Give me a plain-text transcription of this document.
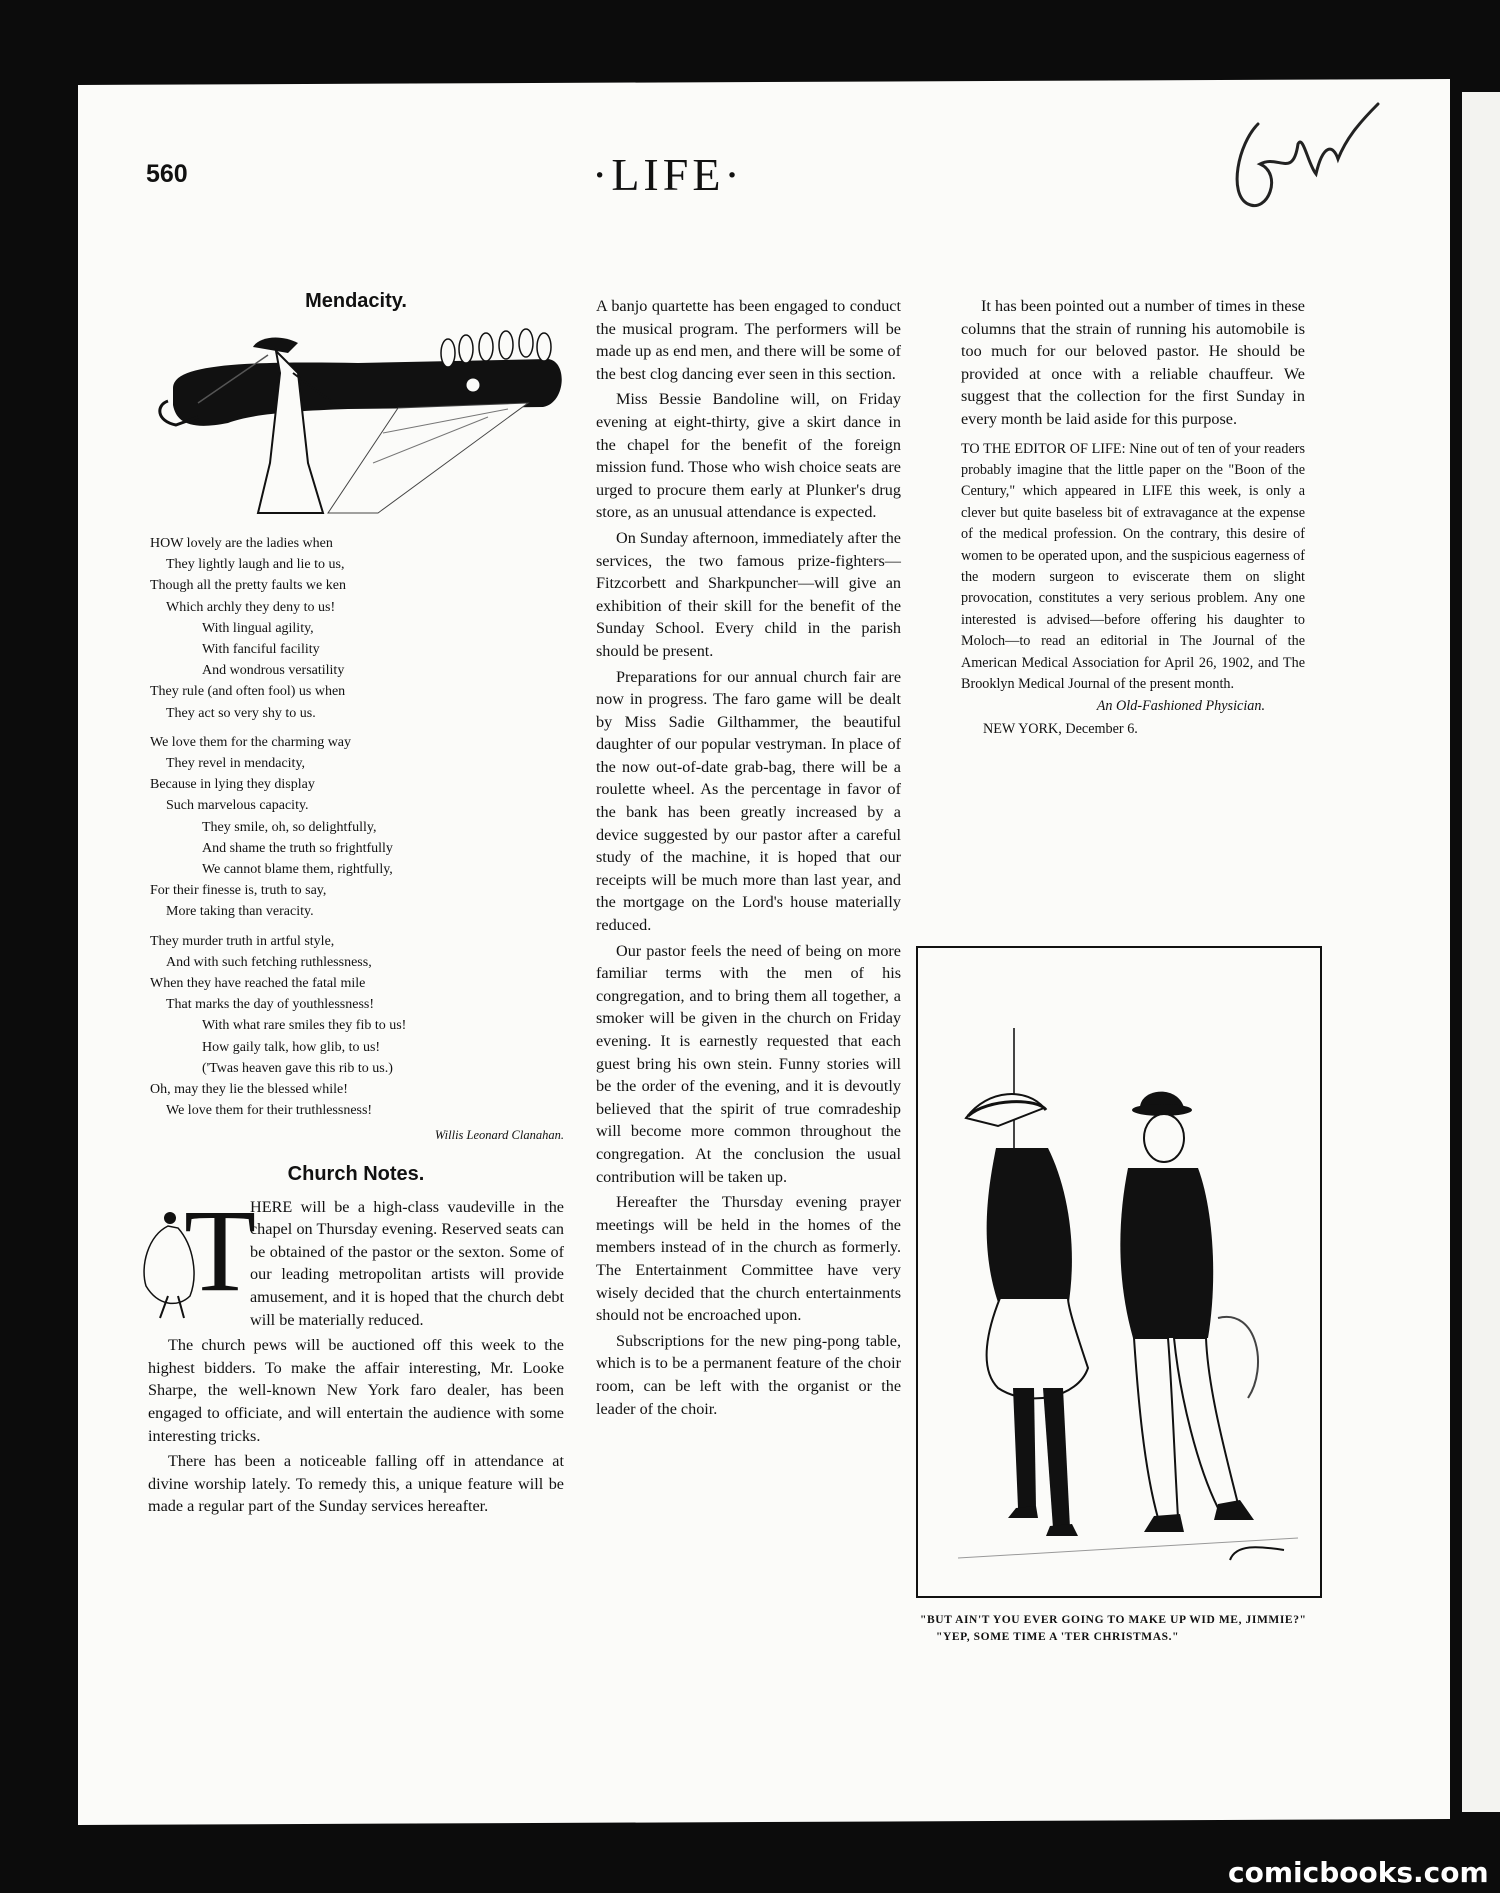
560	·LIFE·
Mendacity.
HOW lovely are the ladies when
They lightly laugh and lie to us,
Though all the pretty faults we ken
Which archly they deny to us!
With lingual agility,
With fanciful facility
And wondrous versatility
They rule (and often fool) us when
They act so very shy to us.
We love them for the charming way
They revel in mendacity,
Because in lying they display
Such marvelous capacity.
They smile, oh, so delightfully,
And shame the truth so frightfully
We cannot blame them, rightfully,
For their finesse is, truth to say,
More taking than veracity.
They murder truth in artful style,
And with such fetching ruthlessness,
When they have reached the fatal mile
That marks the day of youthlessness!
With what rare smiles they fib to us!
How gaily talk, how glib, to us!
('Twas heaven gave this rib to us.)
Oh, may they lie the blessed while!
We love them for their truthlessness!
Willis Leonard Clanahan.
Church Notes.
T

HERE will be a high-class vaudeville in the chapel on Thursday evening. Reserved seats can be obtained of the pastor or the sexton. Some of our leading metropolitan artists will provide amusement, and it is hoped that the church debt will be materially reduced.

The church pews will be auctioned off this week to the highest bidders. To make the affair interesting, Mr. Looke Sharpe, the well-known New York faro dealer, has been engaged to officiate, and will entertain the audience with some interesting tricks.

There has been a noticeable falling off in attendance at divine worship lately. To remedy this, a unique feature will be made a regular part of the Sunday services hereafter.

A banjo quartette has been engaged to conduct the musical program. The performers will be made up as end men, and there will be some of the best clog dancing ever seen in this section.

Miss Bessie Bandoline will, on Friday evening at eight-thirty, give a skirt dance in the chapel for the benefit of the foreign mission fund. Those who wish choice seats are urged to procure them early at Plunker's drug store, as an unusual attendance is expected.

On Sunday afternoon, immediately after the services, the two famous prize-fighters—Fitzcorbett and Sharkpuncher—will give an exhibition of their skill for the benefit of the Sunday School. Every child in the parish should be present.

Preparations for our annual church fair are now in progress. The faro game will be dealt by Miss Sadie Gilthammer, the beautiful daughter of our popular vestryman. In place of the now out-of-date grab-bag, there will be a roulette wheel. As the percentage in favor of the bank has been greatly increased by a device suggested by our pastor after a careful study of the machine, it is hoped that our receipts will be much more than last year, and the mortgage on the Lord's house materially reduced.

Our pastor feels the need of being on more familiar terms with the men of his congregation, and to bring them all together, a smoker will be given in the church on Friday evening. It is earnestly requested that each guest bring his own stein. Funny stories will be the order of the evening, and it is devoutly believed that the spirit of true comradeship will become more common throughout the congregation. At the conclusion the usual contribution will be taken up.

Hereafter the Thursday evening prayer meetings will be held in the homes of the members instead of in the church as formerly. The Entertainment Committee have very wisely decided that the church entertainments should not be encroached upon.

Subscriptions for the new ping-pong table, which is to be a permanent feature of the choir room, can be left with the organist or the leader of the choir.

It has been pointed out a number of times in these columns that the strain of running his automobile is too much for our beloved pastor. He should be provided at once with a reliable chauffeur. We suggest that the collection for the first Sunday in every month be laid aside for this purpose.

TO THE EDITOR OF LIFE: Nine out of ten of your readers probably imagine that the little paper on the "Boon of the Century," which appeared in LIFE this week, is only a clever but quite baseless bit of extravagance at the expense of the medical profession. On the contrary, this desire of women to be operated upon, and the suspicious eagerness of the modern surgeon to eviscerate them on slight provocation, constitutes a very serious problem. Any one interested is advised—before offering his daughter to Moloch—to read an editorial in The Journal of the American Medical Association for April 26, 1902, and The Brooklyn Medical Journal of the present month.
An Old-Fashioned Physician.
NEW YORK, December 6.
"BUT AIN'T YOU EVER GOING TO MAKE UP WID ME, JIMMIE?"
"YEP, SOME TIME A 'TER CHRISTMAS."
comicbooks.com
